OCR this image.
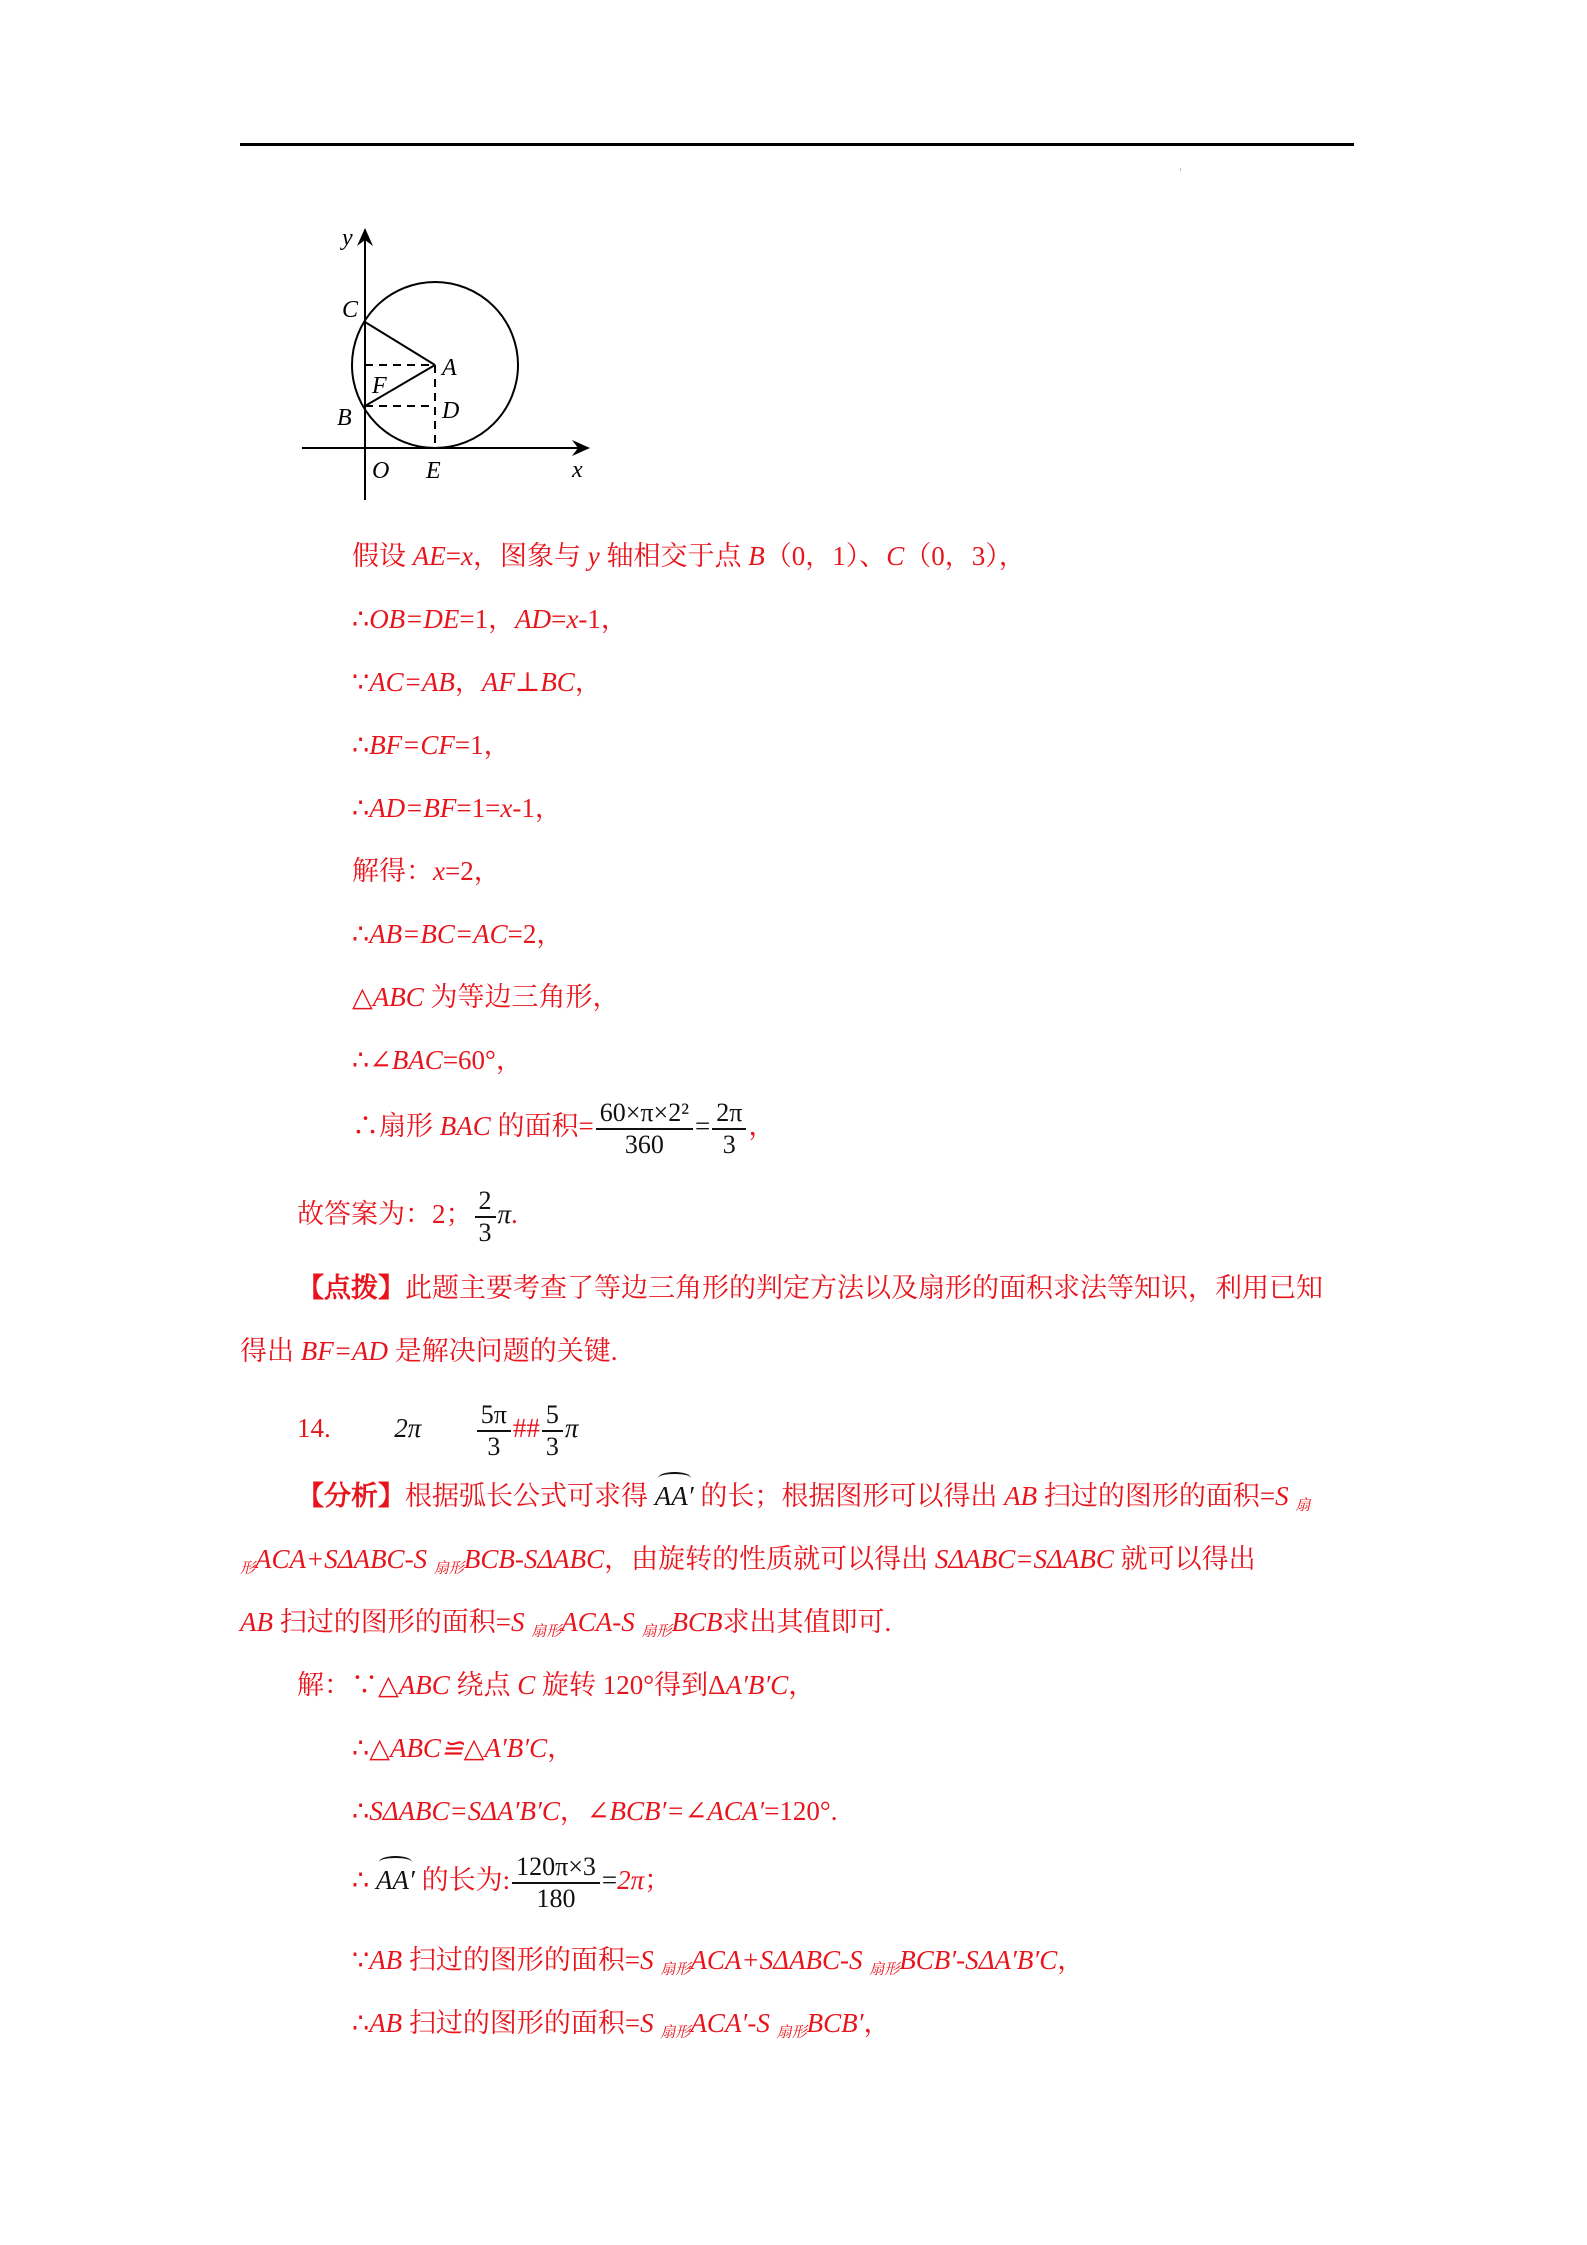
y
x
C
A
F
B	D
O E
假设 AE=x，图象与 y 轴相交于点 B（0，1）、C（0，3），
∴OB=DE=1，AD=x-1，
∵AC=AB，AF⊥BC，
∴BF=CF=1，
∴AD=BF=1=x-1，
解得：x=2，
∴AB=BC=AC=2，
△ABC 为等边三角形，
∴∠BAC=60°，
∴扇形 BAC 的面积= $\frac{\text{60×π×2²}}{360} = \frac{2\pi}{3}$ ，
故答案为：2； $\frac{2}{3} \pi$.
【点拨】此题主要考查了等边三角形的判定方法以及扇形的面积求法等知识，利用已知
得出 BF=AD 是解决问题的关键.
14. $2\pi \frac{5\pi}{3}$ ## $\frac{5}{3}$ π
【分析】根据弧长公式可求得 AA′ 的长；根据图形可以得出 AB 扫过的图形的面积=S $_扇$
$_形$ACA+SΔABC-S $_{扇形}$BCB-SΔABC，由旋转的性质就可以得出 SΔABC=SΔABC 就可以得出
AB 扫过的图形的面积=S $_{扇形}$ACA-S $_{扇形}$BCB求出其值即可.
解：∵△ABC 绕点 C 旋转 120°得到ΔA′B′C，
∴△ABC≌△A′B′C，
∴SΔABC=SΔA′B′C，∠BCB′=∠ACA′=120°.
∴ AA′ 的长为: $\frac{120\pi\times 3}{180} =2\pi$；
∵AB 扫过的图形的面积=S $_{扇形}$ACA+SΔABC-S $_{扇形}$BCB′-SΔA′B′C，
∴AB 扫过的图形的面积=S $_{扇形}$ACA′-S $_{扇形}$BCB′，
